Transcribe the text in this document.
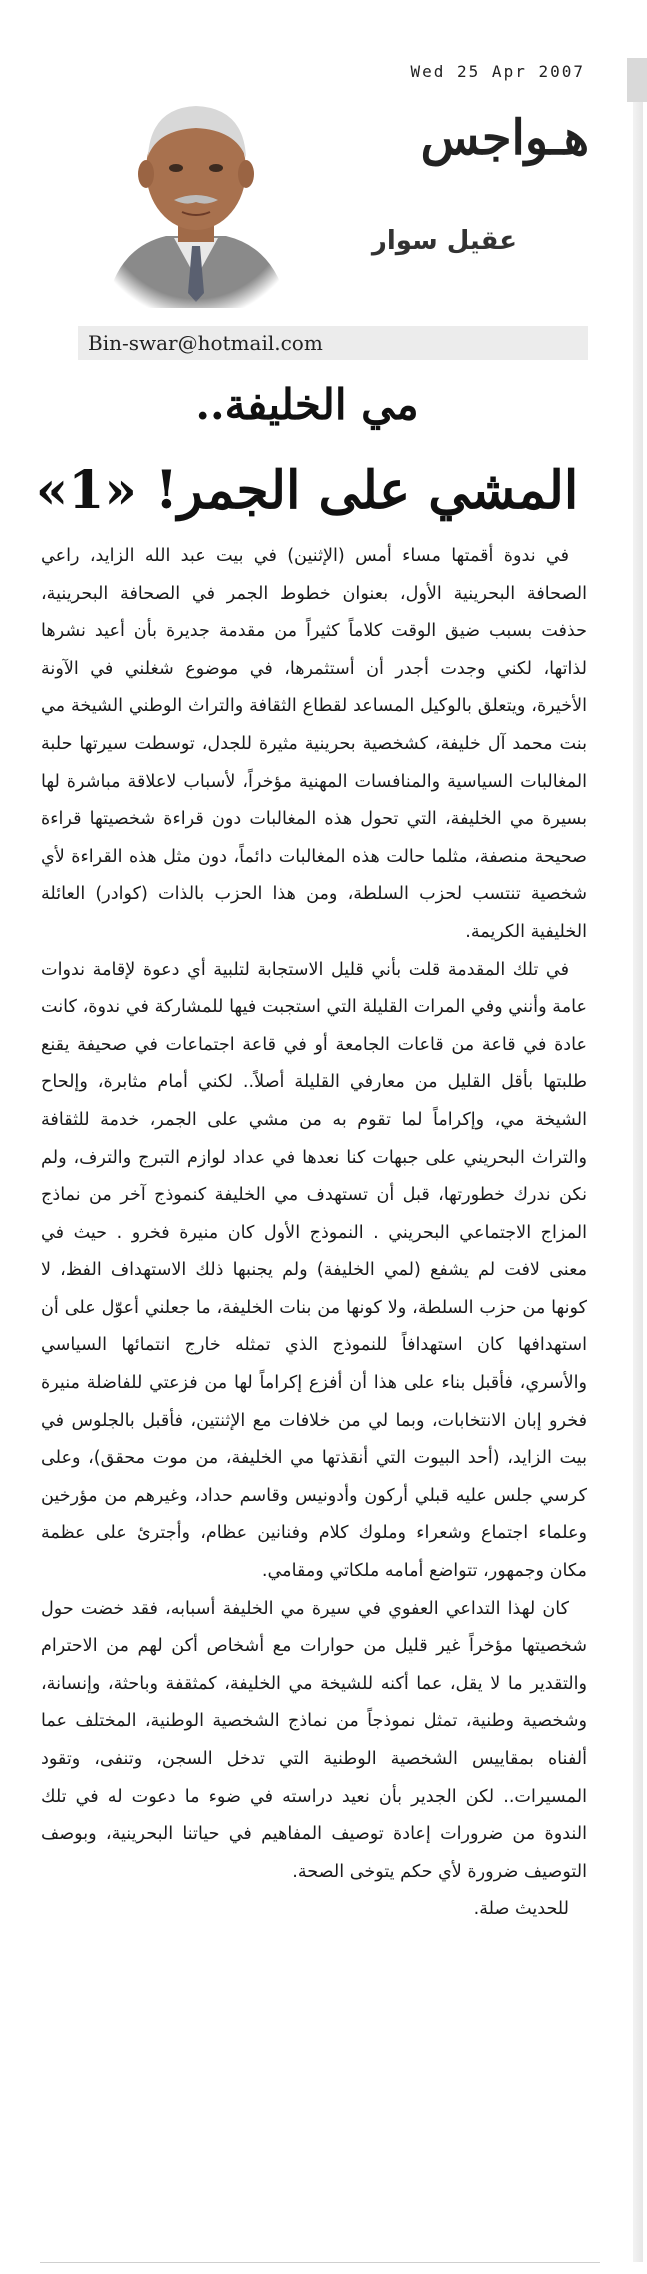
Wed 25 Apr 2007
هـواجس
عقيل سوار
Bin-swar@hotmail.com
مي الخليفة..
المشي على الجمر! «1»

في ندوة أقمتها مساء أمس (الإثنين) في بيت عبد الله الزايد، راعي الصحافة البحرينية الأول، بعنوان خطوط الجمر في الصحافة البحرينية، حذفت بسبب ضيق الوقت كلاماً كثيراً من مقدمة جديرة بأن أعيد نشرها لذاتها، لكني وجدت أجدر أن أستثمرها، في موضوع شغلني في الآونة الأخيرة، ويتعلق بالوكيل المساعد لقطاع الثقافة والتراث الوطني الشيخة مي بنت محمد آل خليفة، كشخصية بحرينية مثيرة للجدل، توسطت سيرتها حلبة المغالبات السياسية والمنافسات المهنية مؤخراً، لأسباب لاعلاقة مباشرة لها بسيرة مي الخليفة، التي تحول هذه المغالبات دون قراءة شخصيتها قراءة صحيحة منصفة، مثلما حالت هذه المغالبات دائماً، دون مثل هذه القراءة لأي شخصية تنتسب لحزب السلطة، ومن هذا الحزب بالذات (كوادر) العائلة الخليفية الكريمة.

في تلك المقدمة قلت بأني قليل الاستجابة لتلبية أي دعوة لإقامة ندوات عامة وأنني وفي المرات القليلة التي استجبت فيها للمشاركة في ندوة، كانت عادة في قاعة من قاعات الجامعة أو في قاعة اجتماعات في صحيفة يقنع طلبتها بأقل القليل من معارفي القليلة أصلاً.. لكني أمام مثابرة، وإلحاح الشيخة مي، وإكراماً لما تقوم به من مشي على الجمر، خدمة للثقافة والتراث البحريني على جبهات كنا نعدها في عداد لوازم التبرج والترف، ولم نكن ندرك خطورتها، قبل أن تستهدف مي الخليفة كنموذج آخر من نماذج المزاج الاجتماعي البحريني . النموذج الأول كان منيرة فخرو . حيث في معنى لافت لم يشفع (لمي الخليفة) ولم يجنبها ذلك الاستهداف الفظ، لا كونها من حزب السلطة، ولا كونها من بنات الخليفة، ما جعلني أعوّل على أن استهدافها كان استهدافاً للنموذج الذي تمثله خارج انتمائها السياسي والأسري، فأقبل بناء على هذا أن أفزع إكراماً لها من فزعتي للفاضلة منيرة فخرو إبان الانتخابات، وبما لي من خلافات مع الإثنتين، فأقبل بالجلوس في بيت الزايد، (أحد البيوت التي أنقذتها مي الخليفة، من موت محقق)، وعلى كرسي جلس عليه قبلي أركون وأدونيس وقاسم حداد، وغيرهم من مؤرخين وعلماء اجتماع وشعراء وملوك كلام وفنانين عظام، وأجترئ على عظمة مكان وجمهور، تتواضع أمامه ملكاتي ومقامي.

كان لهذا التداعي العفوي في سيرة مي الخليفة أسبابه، فقد خضت حول شخصيتها مؤخراً غير قليل من حوارات مع أشخاص أكن لهم من الاحترام والتقدير ما لا يقل، عما أكنه للشيخة مي الخليفة، كمثقفة وباحثة، وإنسانة، وشخصية وطنية، تمثل نموذجاً من نماذج الشخصية الوطنية، المختلف عما ألفناه بمقاييس الشخصية الوطنية التي تدخل السجن، وتنفى، وتقود المسيرات.. لكن الجدير بأن نعيد دراسته في ضوء ما دعوت له في تلك الندوة من ضرورات إعادة توصيف المفاهيم في حياتنا البحرينية، وبوصف التوصيف ضرورة لأي حكم يتوخى الصحة.

للحديث صلة.
